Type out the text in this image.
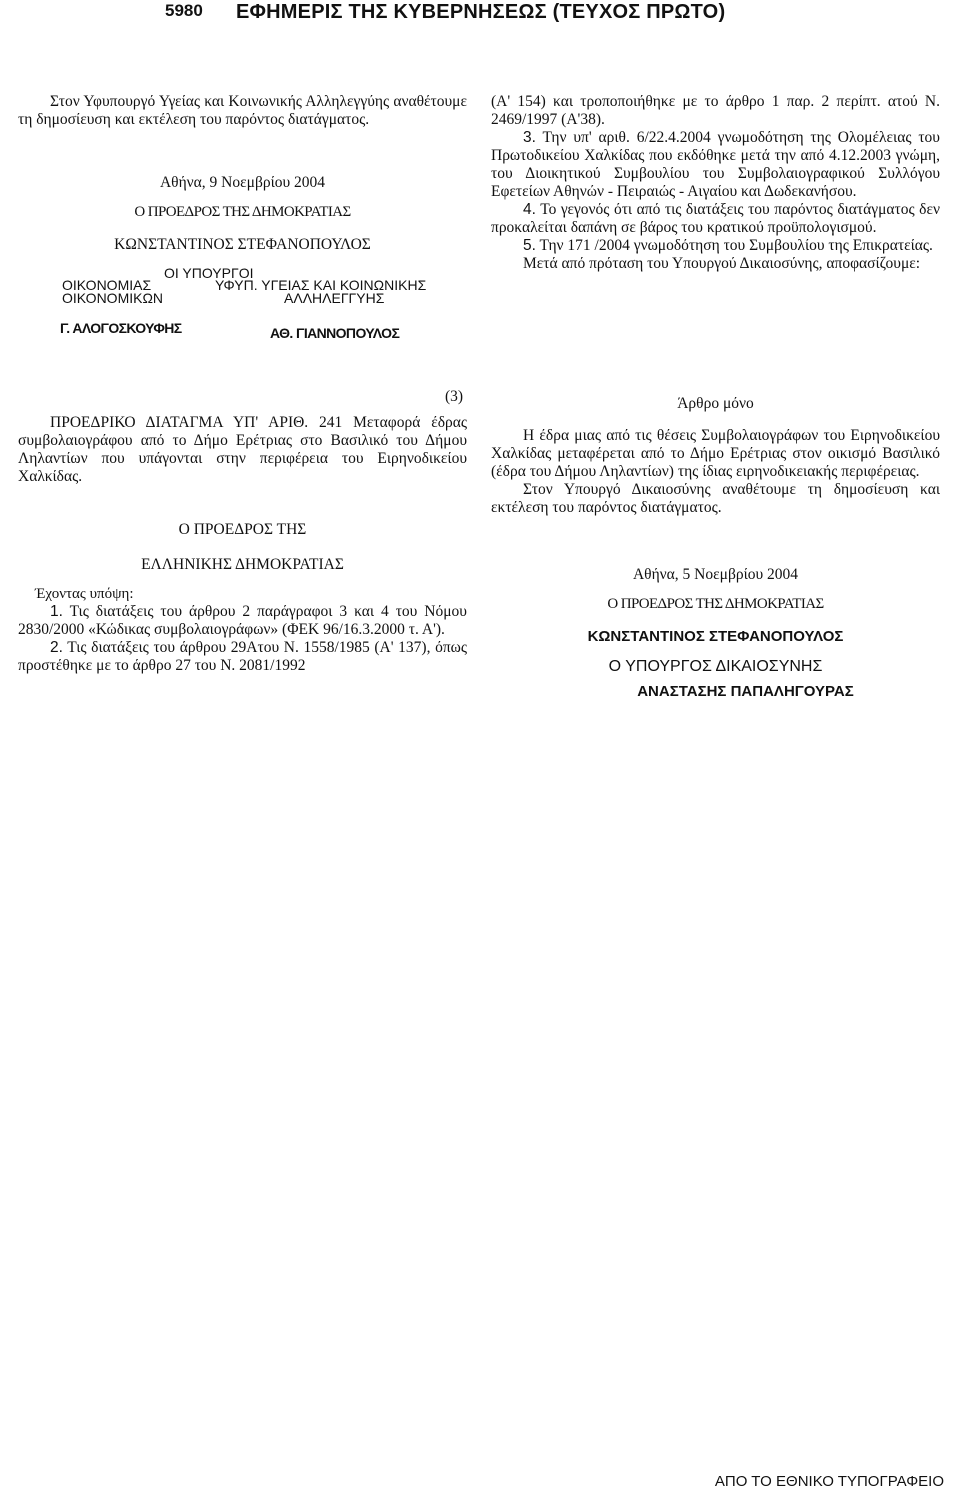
5980 ΕΦΗΜΕΡΙΣ ΤΗΣ ΚΥΒΕΡΝΗΣΕΩΣ (ΤΕΥΧΟΣ ΠΡΩΤΟ)

Στον Υφυπουργό Υγείας και Κοινωνικής Αλληλεγγύης αναθέτουμε τη δημοσίευση και εκτέλεση του παρόντος διατάγματος.

Αθήνα, 9 Νοεμβρίου 2004
Ο ΠΡΟΕΔΡΟΣ ΤΗΣ ΔΗΜΟΚΡΑΤΙΑΣ
ΚΩΝΣΤΑΝΤΙΝΟΣ ΣΤΕΦΑΝΟΠΟΥΛΟΣ
ΟΙ ΥΠΟΥΡΓΟΙ
ΟΙΚΟΝΟΜΙΑΣ
ΟΙΚΟΝΟΜΙΚΩΝ
ΥΦΥΠ. ΥΓΕΙΑΣ ΚΑΙ ΚΟΙΝΩΝΙΚΗΣ
ΑΛΛΗΛΕΓΓΥΗΣ
Γ. ΑΛΟΓΟΣΚΟΥΦΗΣ	ΑΘ. ΓΙΑΝΝΟΠΟΥΛΟΣ
(3)

ΠΡΟΕΔΡΙΚΟ ΔΙΑΤΑΓΜΑ ΥΠ' ΑΡΙΘ. 241 Μεταφορά έδρας συμβολαιογράφου από το Δήμο Ερέτριας στο Βασιλικό του Δήμου Ληλαντίων που υπάγονται στην περιφέρεια του Ειρηνοδικείου Χαλκίδας.

Ο ΠΡΟΕΔΡΟΣ ΤΗΣ
ΕΛΛΗΝΙΚΗΣ ΔΗΜΟΚΡΑΤΙΑΣ
Έχοντας υπόψη:

1. Τις διατάξεις του άρθρου 2 παράγραφοι 3 και 4 του Νόμου 2830/2000 «Κώδικας συμβολαιογράφων» (ΦΕΚ 96/16.3.2000 τ. Α').

2. Τις διατάξεις του άρθρου 29Ατου Ν. 1558/1985 (Α' 137), όπως προστέθηκε με το άρθρο 27 του Ν. 2081/1992

(Α' 154) και τροποποιήθηκε με το άρθρο 1 παρ. 2 περίπτ. ατού Ν. 2469/1997 (Α'38).

3. Την υπ' αριθ. 6/22.4.2004 γνωμοδότηση της Ολομέλειας του Πρωτοδικείου Χαλκίδας που εκδόθηκε μετά την από 4.12.2003 γνώμη, του Διοικητικού Συμβουλίου του Συμβολαιογραφικού Συλλόγου Εφετείων Αθηνών - Πειραιώς - Αιγαίου και Δωδεκανήσου.

4. Το γεγονός ότι από τις διατάξεις του παρόντος διατάγματος δεν προκαλείται δαπάνη σε βάρος του κρατικού προϋπολογισμού.

5. Την 171 /2004 γνωμοδότηση του Συμβουλίου της Επικρατείας.

Μετά από πρόταση του Υπουργού Δικαιοσύνης, αποφασίζουμε:

Άρθρο μόνο

Η έδρα μιας από τις θέσεις Συμβολαιογράφων του Ειρηνοδικείου Χαλκίδας μεταφέρεται από το Δήμο Ερέτριας στον οικισμό Βασιλικό (έδρα του Δήμου Ληλαντίων) της ίδιας ειρηνοδικειακής περιφέρειας.

Στον Υπουργό Δικαιοσύνης αναθέτουμε τη δημοσίευση και εκτέλεση του παρόντος διατάγματος.

Αθήνα, 5 Νοεμβρίου 2004
Ο ΠΡΟΕΔΡΟΣ ΤΗΣ ΔΗΜΟΚΡΑΤΙΑΣ
ΚΩΝΣΤΑΝΤΙΝΟΣ ΣΤΕΦΑΝΟΠΟΥΛΟΣ
Ο ΥΠΟΥΡΓΟΣ ΔΙΚΑΙΟΣΥΝΗΣ
ΑΝΑΣΤΑΣΗΣ ΠΑΠΑΛΗΓΟΥΡΑΣ
ΑΠΟ ΤΟ ΕΘΝΙΚΟ ΤΥΠΟΓΡΑΦΕΙΟ
